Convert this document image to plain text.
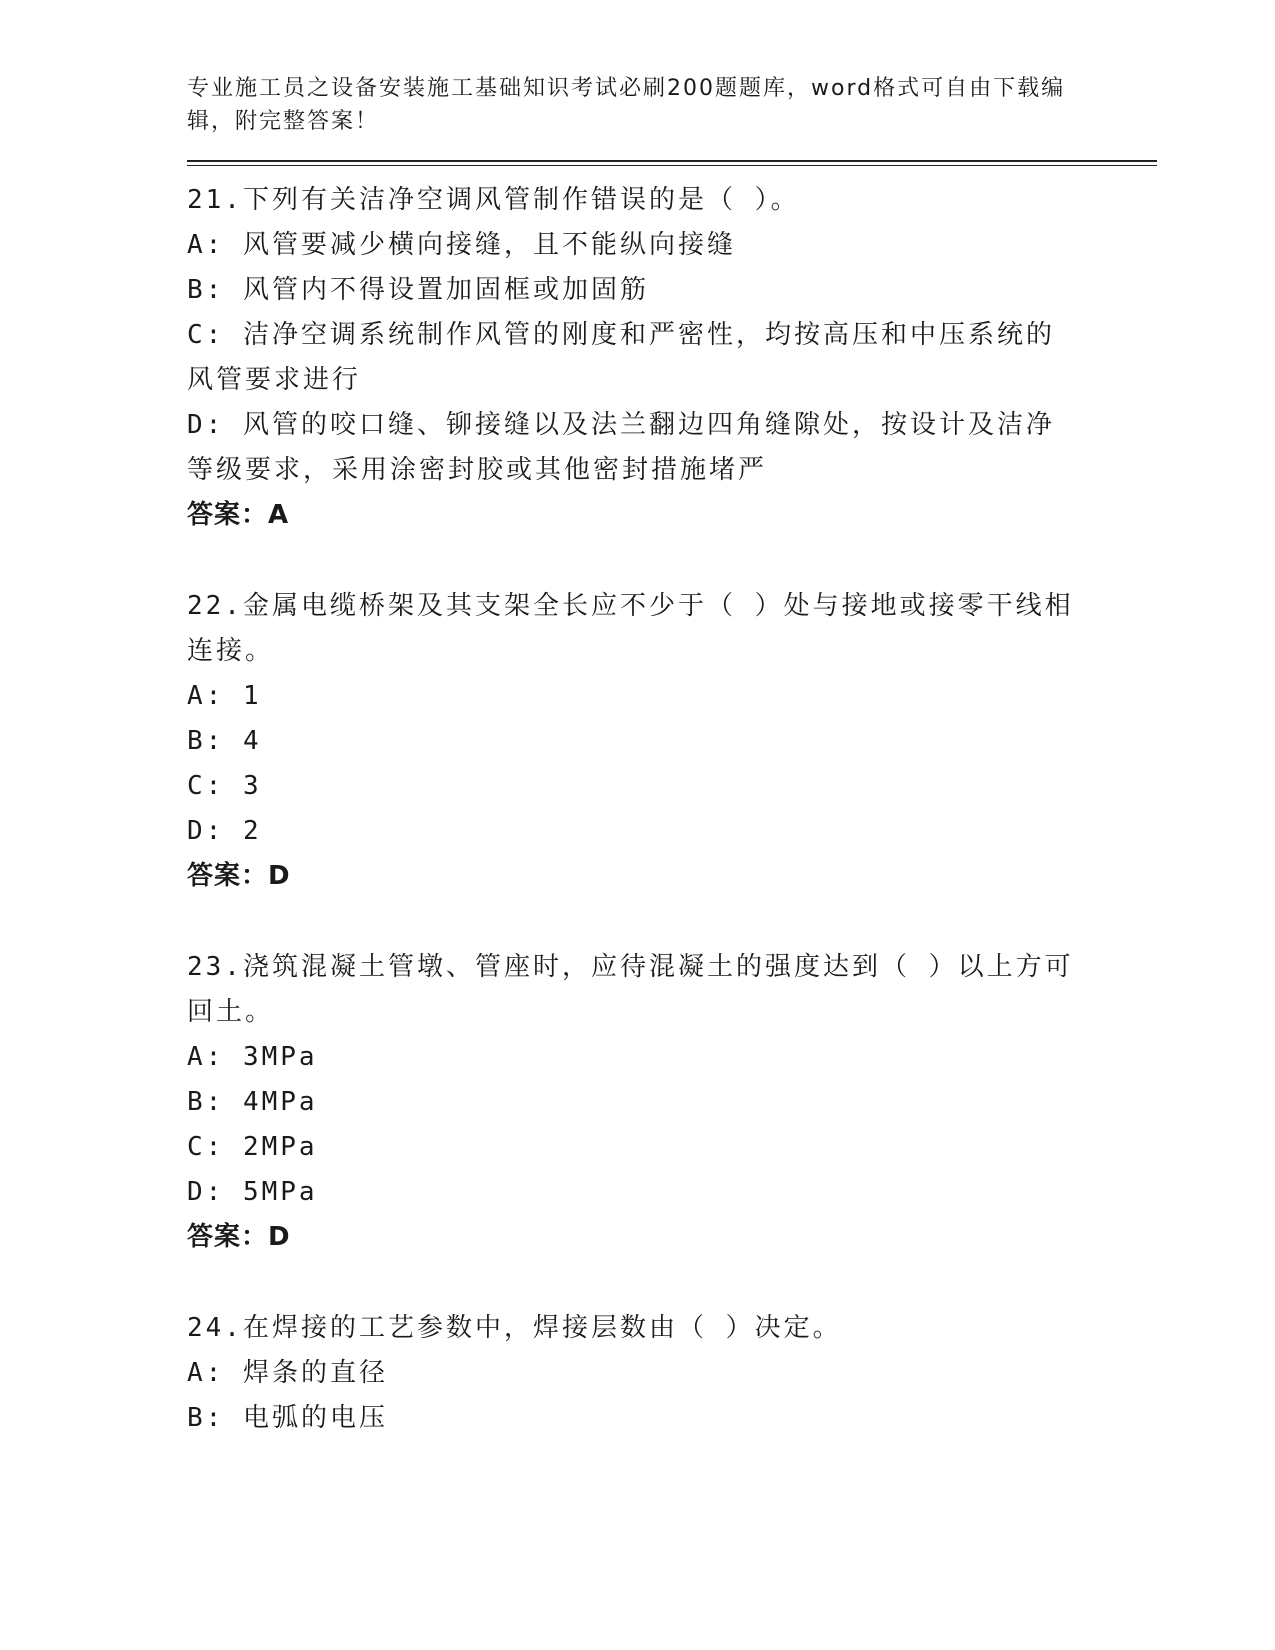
专业施工员之设备安装施工基础知识考试必刷200题题库，word格式可自由下载编辑，附完整答案！

21.下列有关洁净空调风管制作错误的是（ ）。

A: 风管要减少横向接缝，且不能纵向接缝

B: 风管内不得设置加固框或加固筋

C: 洁净空调系统制作风管的刚度和严密性，均按高压和中压系统的风管要求进行

D: 风管的咬口缝、铆接缝以及法兰翻边四角缝隙处，按设计及洁净等级要求，采用涂密封胶或其他密封措施堵严

答案：A

22.金属电缆桥架及其支架全长应不少于（ ）处与接地或接零干线相连接。

A: 1

B: 4

C: 3

D: 2

答案：D

23.浇筑混凝土管墩、管座时，应待混凝土的强度达到（ ）以上方可回土。

A: 3MPa

B: 4MPa

C: 2MPa

D: 5MPa

答案：D

24.在焊接的工艺参数中，焊接层数由（ ）决定。

A: 焊条的直径

B: 电弧的电压
